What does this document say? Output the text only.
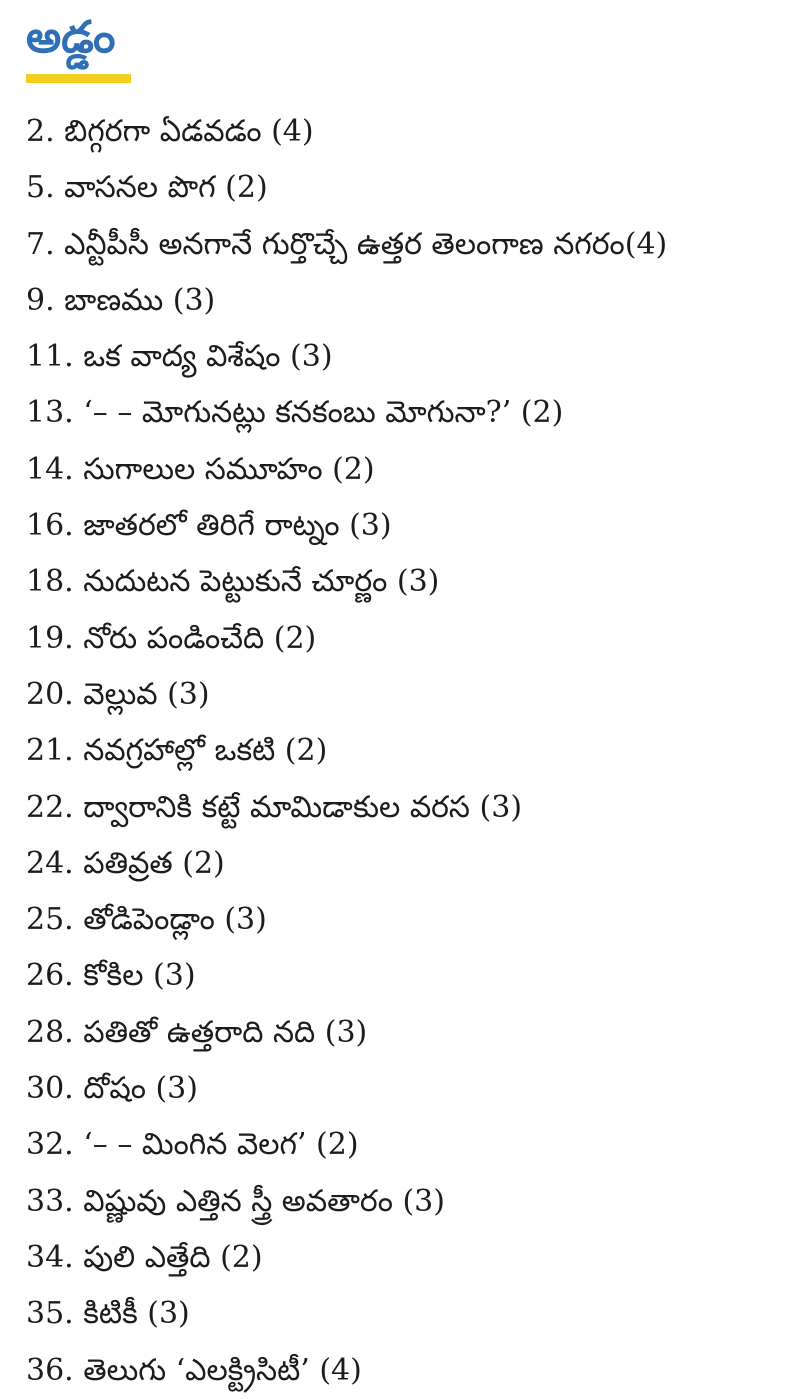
అడ్డం
2. బిగ్గరగా ఏడవడం (4)
5. వాసనల పొగ (2)
7. ఎన్టీపీసీ అనగానే గుర్తొచ్చే ఉత్తర తెలంగాణ నగరం(4)
9. బాణము (3)
11. ఒక వాద్య విశేషం (3)
13. ‘– – మోగునట్లు కనకంబు మోగునా?’ (2)
14. సుగాలుల సమూహం (2)
16. జాతరలో తిరిగే రాట్నం (3)
18. నుదుటన పెట్టుకునే చూర్ణం (3)
19. నోరు పండించేది (2)
20. వెల్లువ (3)
21. నవగ్రహాల్లో ఒకటి (2)
22. ద్వారానికి కట్టే మామిడాకుల వరస (3)
24. పతివ్రత (2)
25. తోడిపెండ్లాం (3)
26. కోకిల (3)
28. పతితో ఉత్తరాది నది (3)
30. దోషం (3)
32. ‘– – మింగిన వెలగ’ (2)
33. విష్ణువు ఎత్తిన స్త్రీ అవతారం (3)
34. పులి ఎత్తేది (2)
35. కిటికీ (3)
36. తెలుగు ‘ఎలక్ట్రిసిటీ’ (4)
